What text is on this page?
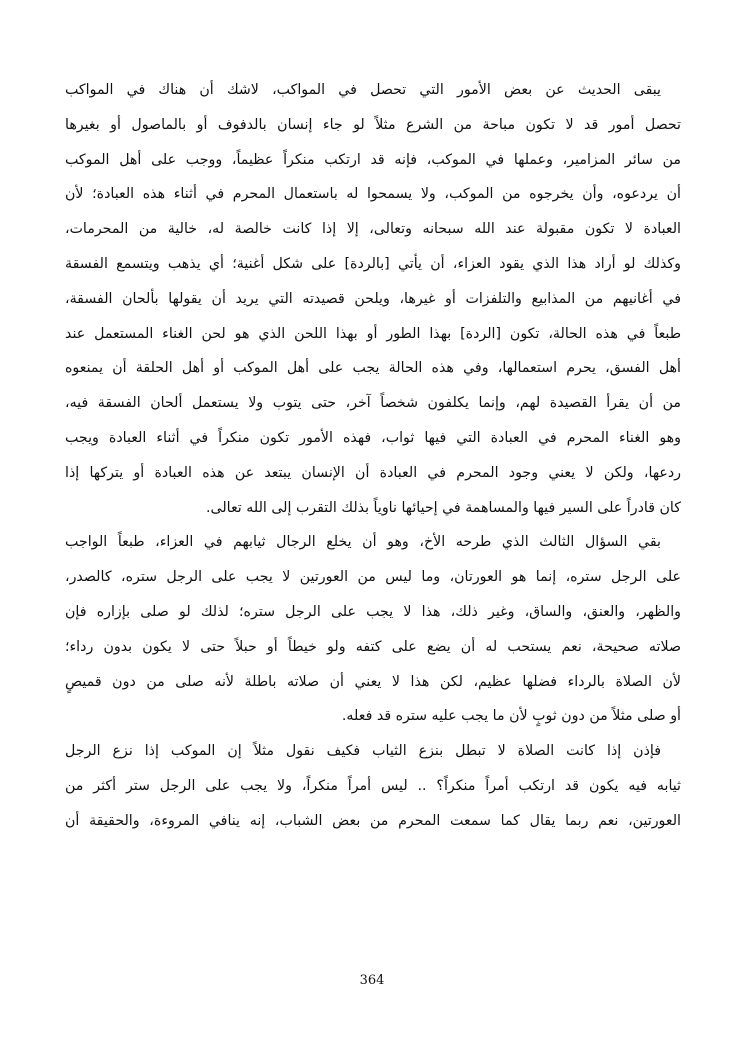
يبقى الحديث عن بعض الأمور التي تحصل في المواكب، لاشك أن هناك في المواكب
تحصل أمور قد لا تكون مباحة من الشرع مثلاً لو جاء إنسان بالدفوف أو بالماصول أو بغيرها
من سائر المزامير، وعملها في الموكب، فإنه قد ارتكب منكراً عظيماً، ووجب على أهل الموكب
أن يردعوه، وأن يخرجوه من الموكب، ولا يسمحوا له باستعمال المحرم في أثناء هذه العبادة؛ لأن
العبادة لا تكون مقبولة عند الله سبحانه وتعالى، إلا إذا كانت خالصة له، خالية من المحرمات،
وكذلك لو أراد هذا الذي يقود العزاء، أن يأتي [بالردة] على شكل أغنية؛ أي يذهب ويتسمع الفسقة
في أغانيهم من المذابيع والتلفزات أو غيرها، ويلحن قصيدته التي يريد أن يقولها بألحان الفسقة،
طبعاً في هذه الحالة، تكون [الردة] بهذا الطور أو بهذا اللحن الذي هو لحن الغناء المستعمل عند
أهل الفسق، يحرم استعمالها، وفي هذه الحالة يجب على أهل الموكب أو أهل الحلقة أن يمنعوه
من أن يقرأ القصيدة لهم، وإنما يكلفون شخصاً آخر، حتى يتوب ولا يستعمل ألحان الفسقة فيه،
وهو الغناء المحرم في العبادة التي فيها ثواب، فهذه الأمور تكون منكراً في أثناء العبادة ويجب
ردعها، ولكن لا يعني وجود المحرم في العبادة أن الإنسان يبتعد عن هذه العبادة أو يتركها إذا
كان قادراً على السير فيها والمساهمة في إحيائها ناوياً بذلك التقرب إلى الله تعالى.
بقي السؤال الثالث الذي طرحه الأخ، وهو أن يخلع الرجال ثيابهم في العزاء، طبعاً الواجب
على الرجل ستره، إنما هو العورتان، وما ليس من العورتين لا يجب على الرجل ستره، كالصدر،
والظهر، والعنق، والساق، وغير ذلك، هذا لا يجب على الرجل ستره؛ لذلك لو صلى بإزاره فإن
صلاته صحيحة، نعم يستحب له أن يضع على كتفه ولو خيطاً أو حبلاً حتى لا يكون بدون رداء؛
لأن الصلاة بالرداء فضلها عظيم، لكن هذا لا يعني أن صلاته باطلة لأنه صلى من دون قميصٍ
أو صلى مثلاً من دون ثوبٍ لأن ما يجب عليه ستره قد فعله.
فإذن إذا كانت الصلاة لا تبطل بنزع الثياب فكيف نقول مثلاً إن الموكب إذا نزع الرجل
ثيابه فيه يكون قد ارتكب أمراً منكراً؟ .. ليس أمراً منكراً، ولا يجب على الرجل ستر أكثر من
العورتين، نعم ربما يقال كما سمعت المحرم من بعض الشباب، إنه ينافي المروءة، والحقيقة أن
364
